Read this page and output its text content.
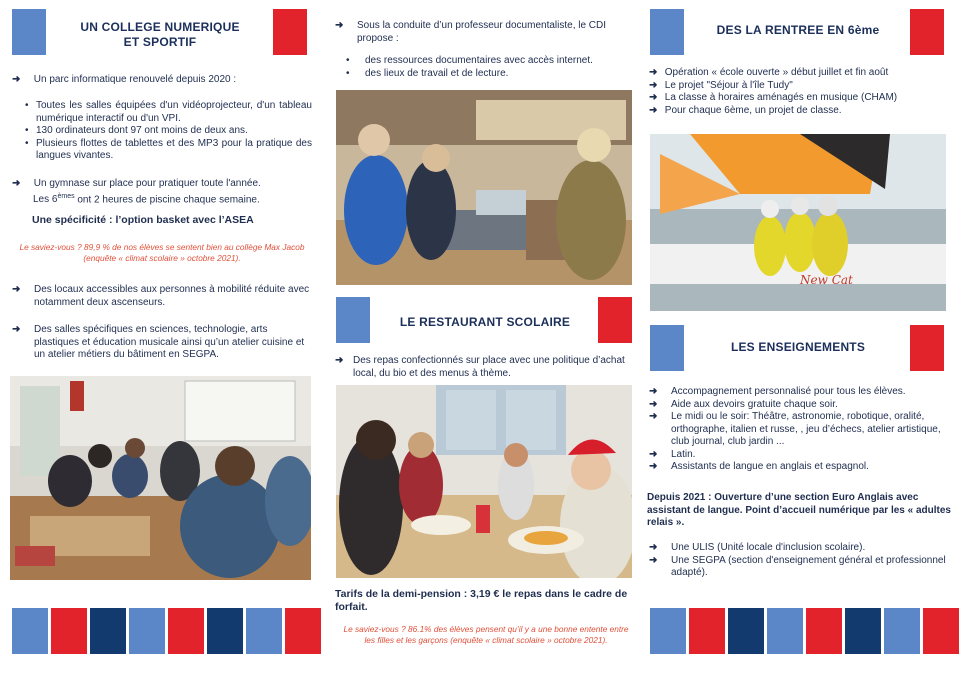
UN COLLEGE NUMERIQUE
ET SPORTIF
➜ Un parc informatique renouvelé depuis 2020 :
• Toutes les salles équipées d'un vidéoprojecteur, d'un tableau numérique interactif ou d'un VPI.
• 130 ordinateurs dont 97 ont moins de deux ans.
• Plusieurs flottes de tablettes et des MP3 pour la pratique des langues vivantes.
➜ Un gymnase sur place pour pratiquer toute l'année.
Les 6èmes ont 2 heures de piscine chaque semaine.
Une spécificité : l’option basket avec l’ASEA
Le saviez-vous ? 89,9 % de nos élèves se sentent bien au collège Max Jacob (enquête « climat scolaire » octobre 2021).
➜	Des locaux accessibles aux personnes à mobilité réduite avec notamment deux ascenseurs.
➜	Des salles spécifiques en sciences, technologie, arts plastiques et éducation musicale ainsi qu’un atelier cuisine et un atelier métiers du bâtiment en SEGPA.
➜	Sous la conduite d’un professeur documentaliste, le CDI propose :
• des ressources documentaires avec accès internet.
• des lieux de travail et de lecture.
LE RESTAURANT SCOLAIRE
➜ Des repas confectionnés sur place avec une politique d’achat local, du bio et des menus à thème.
Tarifs de la demi-pension : 3,19 € le repas dans le cadre de forfait.
Le saviez-vous ? 86.1% des élèves pensent qu’il y a une bonne entente entre les filles et les garçons (enquête « climat scolaire » octobre 2021).
DES LA RENTREE EN 6ème
➜ Opération « école ouverte » début juillet et fin août
➜ Le projet "Séjour à l'île Tudy"
➜ La classe à horaires aménagés en musique (CHAM)
➜ Pour chaque 6ème, un projet de classe.
New Cat
LES ENSEIGNEMENTS
➜	Accompagnement personnalisé pour tous les élèves.
➜	Aide aux devoirs gratuite chaque soir.
➜	Le midi ou le soir: Théâtre, astronomie, robotique, oralité, orthographe, italien et russe, , jeu d’échecs, atelier artistique, club journal, club jardin ...
➜	Latin.
➜	Assistants de langue en anglais et espagnol.
Depuis 2021 : Ouverture d’une section Euro Anglais avec assistant de langue. Point d’accueil numérique par les « adultes relais ».
➜	Une ULIS (Unité locale d'inclusion scolaire).
➜	Une SEGPA (section d'enseignement général et professionnel adapté).
